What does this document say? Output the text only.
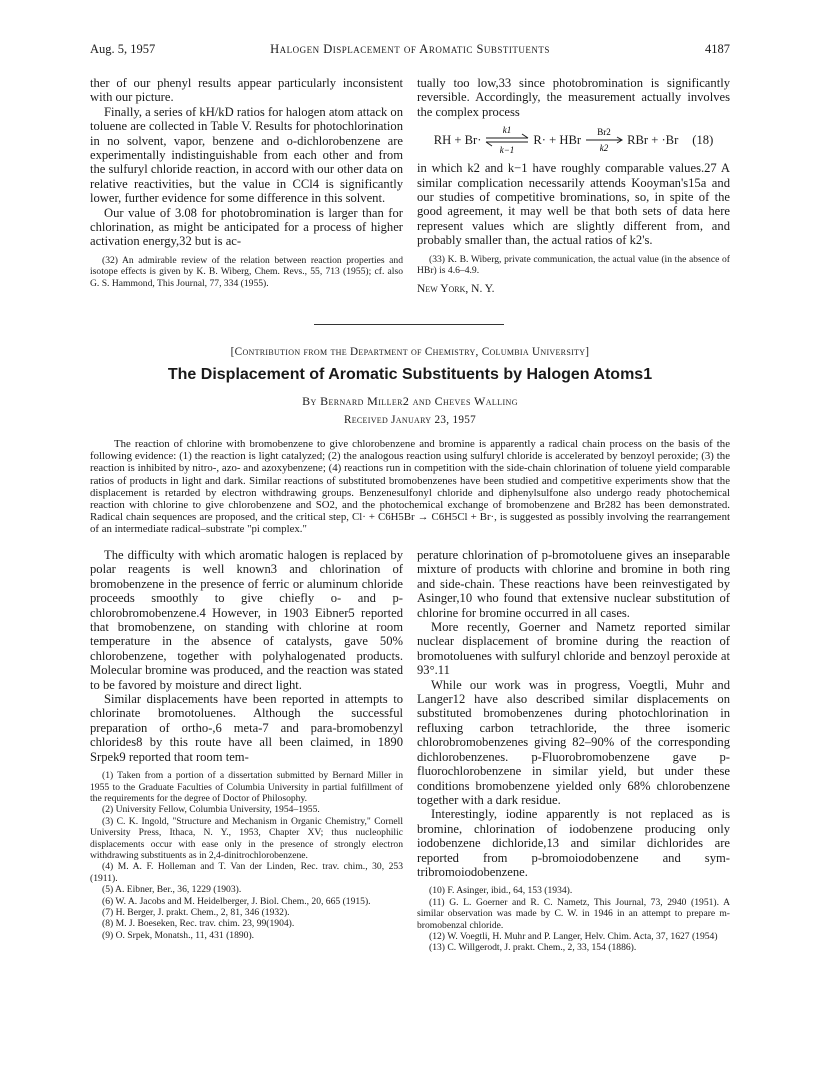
Aug. 5, 1957	Halogen Displacement of Aromatic Substituents	4187

ther of our phenyl results appear particularly inconsistent with our picture.

Finally, a series of kH/kD ratios for halogen atom attack on toluene are collected in Table V. Results for photochlorination in no solvent, vapor, benzene and o-dichlorobenzene are experimentally indistinguishable from each other and from the sulfuryl chloride reaction, in accord with our other data on relative reactivities, but the value in CCl4 is significantly lower, further evidence for some difference in this solvent.

Our value of 3.08 for photobromination is larger than for chlorination, as might be anticipated for a process of higher activation energy,32 but is ac-

(32) An admirable review of the relation between reaction properties and isotope effects is given by K. B. Wiberg, Chem. Revs., 55, 713 (1955); cf. also G. S. Hammond, This Journal, 77, 334 (1955).

tually too low,33 since photobromination is significantly reversible. Accordingly, the measurement actually involves the complex process

RH + Br·
k1
k−1
R· + HBr
Br2
k2
RBr + ·Br (18)

in which k2 and k−1 have roughly comparable values.27 A similar complication necessarily attends Kooyman's15a and our studies of competitive brominations, so, in spite of the good agreement, it may well be that both sets of data here represent values which are slightly different from, and probably smaller than, the actual ratios of k2's.

(33) K. B. Wiberg, private communication, the actual value (in the absence of HBr) is 4.6–4.9.

New York, N. Y.
[Contribution from the Department of Chemistry, Columbia University]
The Displacement of Aromatic Substituents by Halogen Atoms1
By Bernard Miller2 and Cheves Walling
Received January 23, 1957

The reaction of chlorine with bromobenzene to give chlorobenzene and bromine is apparently a radical chain process on the basis of the following evidence: (1) the reaction is light catalyzed; (2) the analogous reaction using sulfuryl chloride is accelerated by benzoyl peroxide; (3) the reaction is inhibited by nitro-, azo- and azoxybenzene; (4) reactions run in competition with the side-chain chlorination of toluene yield comparable ratios of products in light and dark. Similar reactions of substituted bromobenzenes have been studied and competitive experiments show that the displacement is retarded by electron withdrawing groups. Benzenesulfonyl chloride and diphenylsulfone also undergo ready photochemical reaction with chlorine to give chlorobenzene and SO2, and the photochemical exchange of bromobenzene and Br282 has been demonstrated. Radical chain sequences are proposed, and the critical step, Cl· + C6H5Br → C6H5Cl + Br·, is suggested as possibly involving the rearrangement of an intermediate radical–substrate "pi complex."

The difficulty with which aromatic halogen is replaced by polar reagents is well known3 and chlorination of bromobenzene in the presence of ferric or aluminum chloride proceeds smoothly to give chiefly o- and p-chlorobromobenzene.4 However, in 1903 Eibner5 reported that bromobenzene, on standing with chlorine at room temperature in the absence of catalysts, gave 50% chlorobenzene, together with polyhalogenated products. Molecular bromine was produced, and the reaction was stated to be favored by moisture and direct light.

Similar displacements have been reported in attempts to chlorinate bromotoluenes. Although the successful preparation of ortho-,6 meta-7 and para-bromobenzyl chlorides8 by this route have all been claimed, in 1890 Srpek9 reported that room tem-

(1) Taken from a portion of a dissertation submitted by Bernard Miller in 1955 to the Graduate Faculties of Columbia University in partial fulfillment of the requirements for the degree of Doctor of Philosophy.

(2) University Fellow, Columbia University, 1954–1955.

(3) C. K. Ingold, "Structure and Mechanism in Organic Chemistry," Cornell University Press, Ithaca, N. Y., 1953, Chapter XV; thus nucleophilic displacements occur with ease only in the presence of strongly electron withdrawing substituents as in 2,4-dinitrochlorobenzene.

(4) M. A. F. Holleman and T. Van der Linden, Rec. trav. chim., 30, 253 (1911).

(5) A. Eibner, Ber., 36, 1229 (1903).

(6) W. A. Jacobs and M. Heidelberger, J. Biol. Chem., 20, 665 (1915).

(7) H. Berger, J. prakt. Chem., 2, 81, 346 (1932).

(8) M. J. Boeseken, Rec. trav. chim. 23, 99(1904).

(9) O. Srpek, Monatsh., 11, 431 (1890).

perature chlorination of p-bromotoluene gives an inseparable mixture of products with chlorine and bromine in both ring and side-chain. These reactions have been reinvestigated by Asinger,10 who found that extensive nuclear substitution of chlorine for bromine occurred in all cases.

More recently, Goerner and Nametz reported similar nuclear displacement of bromine during the reaction of bromotoluenes with sulfuryl chloride and benzoyl peroxide at 93°.11

While our work was in progress, Voegtli, Muhr and Langer12 have also described similar displacements on substituted bromobenzenes during photochlorination in refluxing carbon tetrachloride, the three isomeric chlorobromobenzenes giving 82–90% of the corresponding dichlorobenzenes. p-Fluorobromobenzene gave p-fluorochlorobenzene in similar yield, but under these conditions bromobenzene yielded only 68% chlorobenzene together with a dark residue.

Interestingly, iodine apparently is not replaced as is bromine, chlorination of iodobenzene producing only iodobenzene dichloride,13 and similar dichlorides are reported from p-bromoiodobenzene and sym-tribromoiodobenzene.

(10) F. Asinger, ibid., 64, 153 (1934).

(11) G. L. Goerner and R. C. Nametz, This Journal, 73, 2940 (1951). A similar observation was made by C. W. in 1946 in an attempt to prepare m-bromobenzal chloride.

(12) W. Voegtli, H. Muhr and P. Langer, Helv. Chim. Acta, 37, 1627 (1954)

(13) C. Willgerodt, J. prakt. Chem., 2, 33, 154 (1886).
